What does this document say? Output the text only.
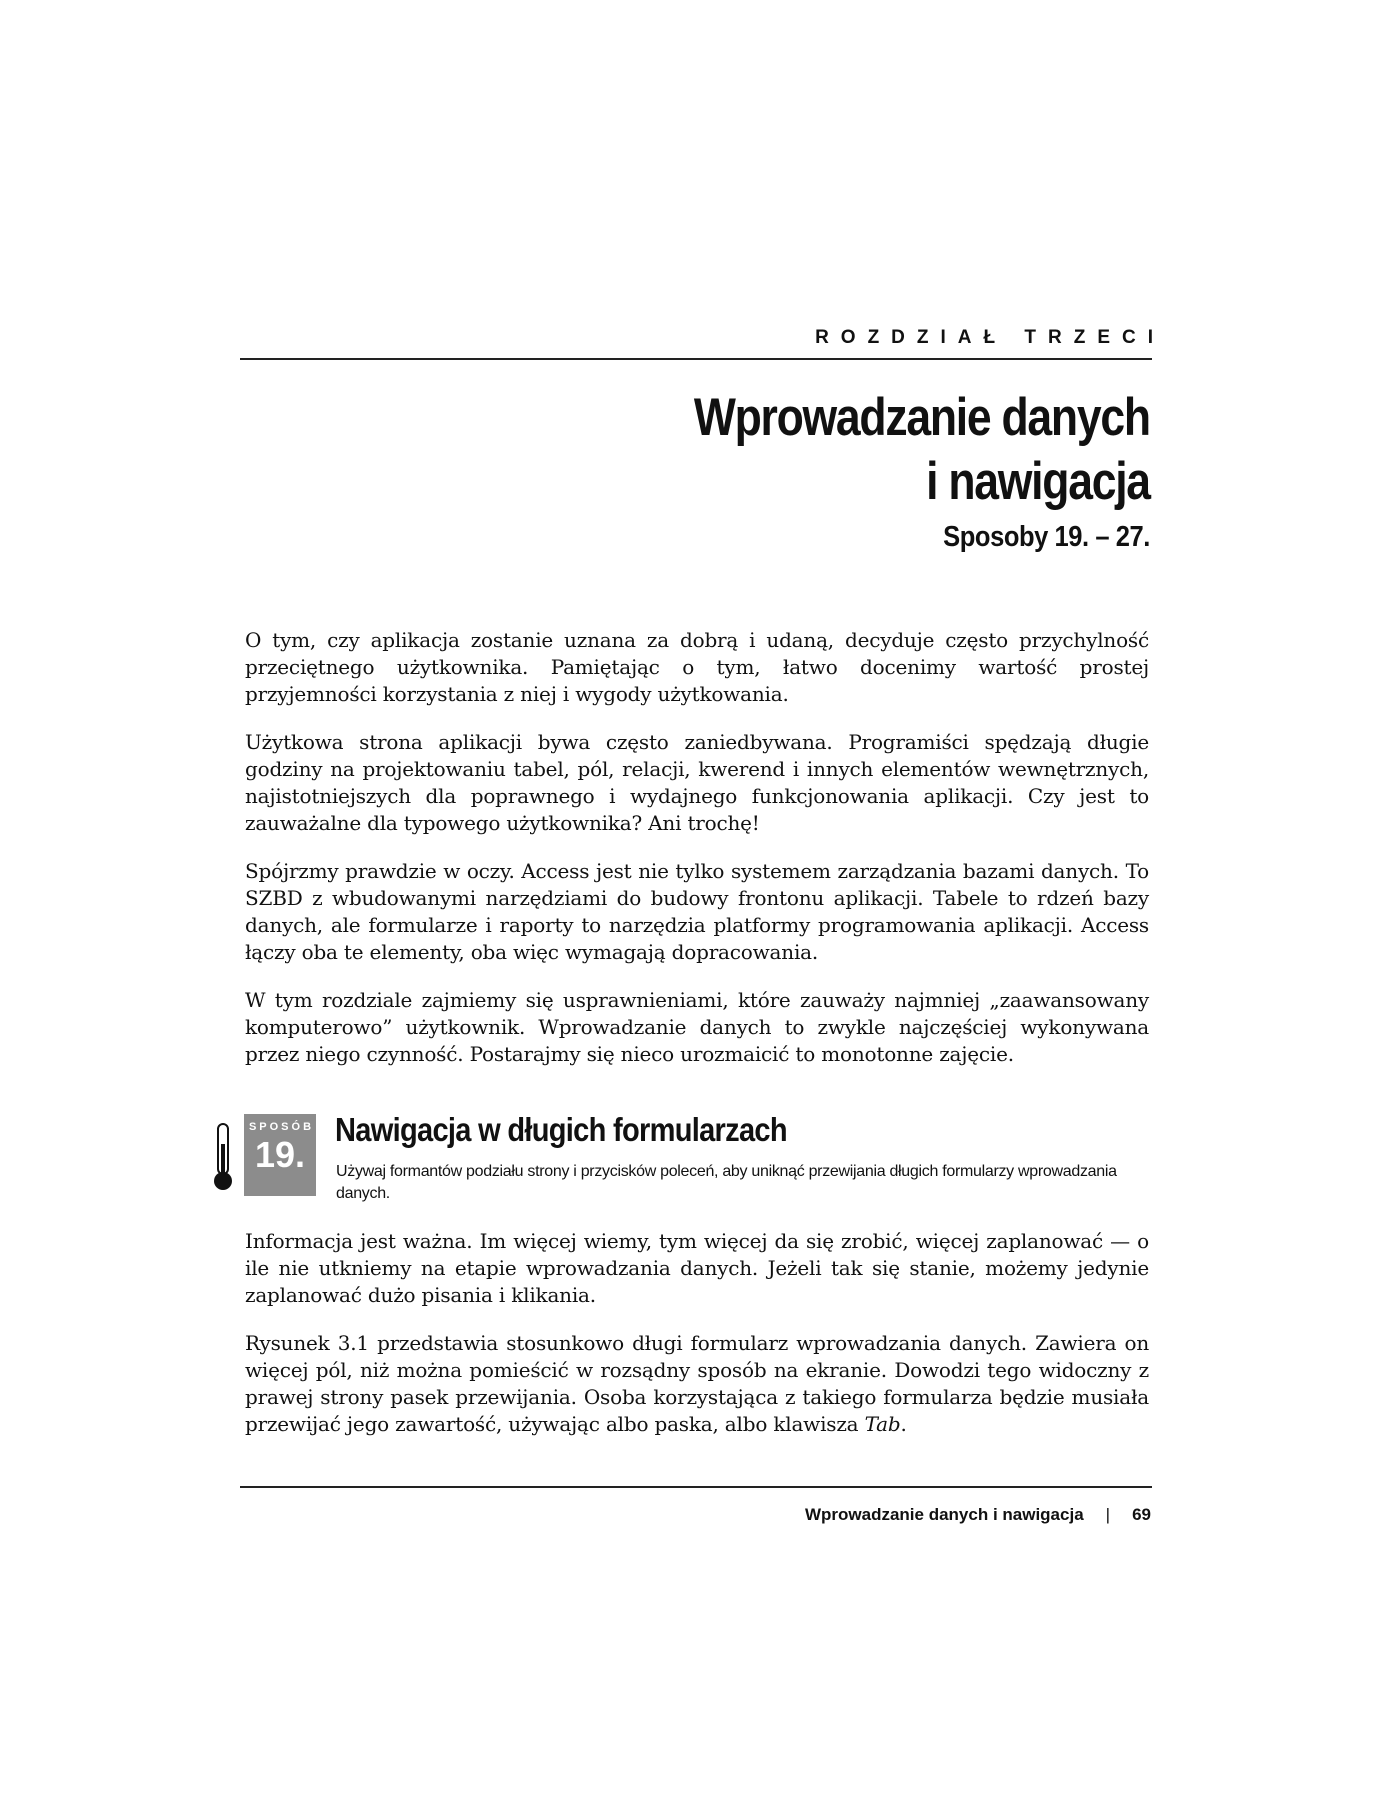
ROZDZIAŁ TRZECI
Wprowadzanie danych
i nawigacja
Sposoby 19. – 27.

O tym, czy aplikacja zostanie uznana za dobrą i udaną, decyduje często przychylność przeciętnego użytkownika. Pamiętając o tym, łatwo docenimy wartość prostej przyjemności korzystania z niej i wygody użytkowania.

Użytkowa strona aplikacji bywa często zaniedbywana. Programiści spędzają długie godziny na projektowaniu tabel, pól, relacji, kwerend i innych elementów wewnętrznych, najistotniejszych dla poprawnego i wydajnego funkcjonowania aplikacji. Czy jest to zauważalne dla typowego użytkownika? Ani trochę!

Spójrzmy prawdzie w oczy. Access jest nie tylko systemem zarządzania bazami danych. To SZBD z wbudowanymi narzędziami do budowy frontonu aplikacji. Tabele to rdzeń bazy danych, ale formularze i raporty to narzędzia platformy programowania aplikacji. Access łączy oba te elementy, oba więc wymagają dopracowania.

W tym rozdziale zajmiemy się usprawnieniami, które zauważy najmniej „zaawansowany komputerowo” użytkownik. Wprowadzanie danych to zwykle najczęściej wykonywana przez niego czynność. Postarajmy się nieco urozmaicić to monotonne zajęcie.

SPOSÓB
19.
Nawigacja w długich formularzach
Używaj formantów podziału strony i przycisków poleceń, aby uniknąć przewijania długich formularzy wprowadzania danych.

Informacja jest ważna. Im więcej wiemy, tym więcej da się zrobić, więcej zaplanować — o ile nie utkniemy na etapie wprowadzania danych. Jeżeli tak się stanie, możemy jedynie zaplanować dużo pisania i klikania.

Rysunek 3.1 przedstawia stosunkowo długi formularz wprowadzania danych. Zawiera on więcej pól, niż można pomieścić w rozsądny sposób na ekranie. Dowodzi tego widoczny z prawej strony pasek przewijania. Osoba korzystająca z takiego formularza będzie musiała przewijać jego zawartość, używając albo paska, albo klawisza Tab.

Wprowadzanie danych i nawigacja | 69
